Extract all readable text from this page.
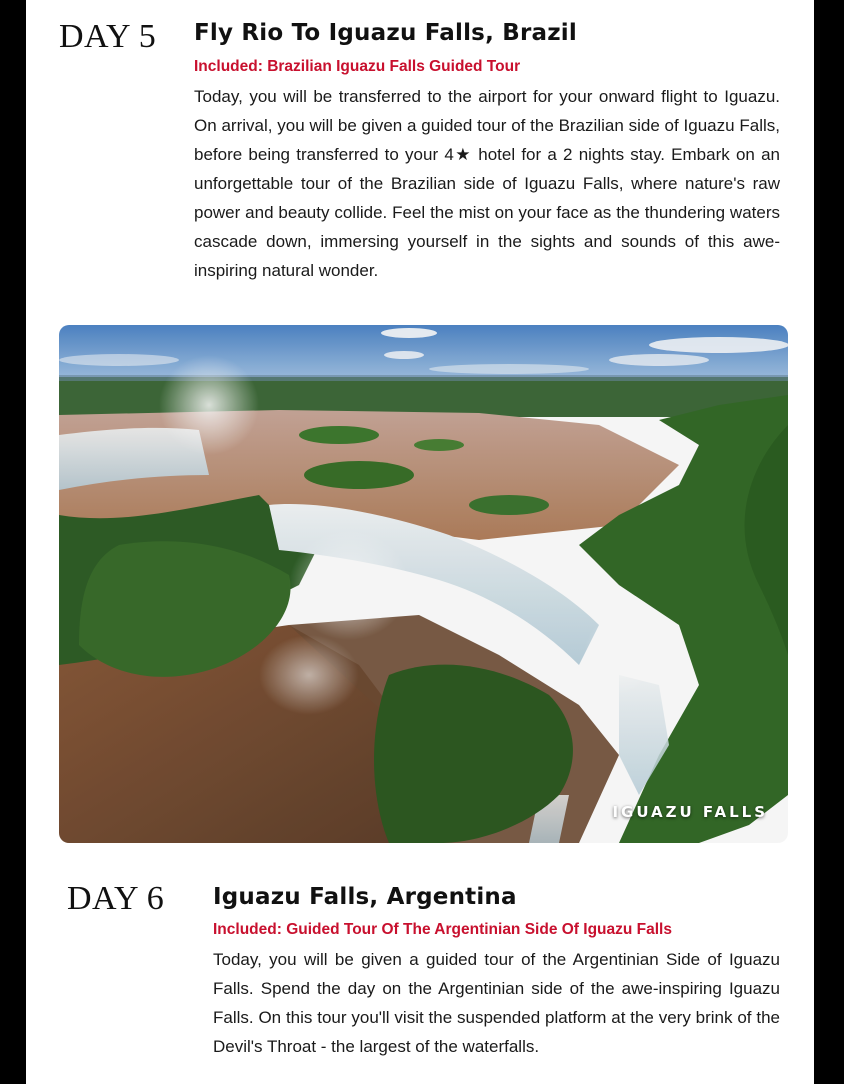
DAY 5 Fly Rio To Iguazu Falls, Brazil
Included: Brazilian Iguazu Falls Guided Tour
Today, you will be transferred to the airport for your onward flight to Iguazu. On arrival, you will be given a guided tour of the Brazilian side of Iguazu Falls, before being transferred to your 4★ hotel for a 2 nights stay. Embark on an unforgettable tour of the Brazilian side of Iguazu Falls, where nature's raw power and beauty collide. Feel the mist on your face as the thundering waters cascade down, immersing yourself in the sights and sounds of this awe-inspiring natural wonder.
IGUAZU FALLS
DAY 6 Iguazu Falls, Argentina
Included: Guided Tour Of The Argentinian Side Of Iguazu Falls
Today, you will be given a guided tour of the Argentinian Side of Iguazu Falls. Spend the day on the Argentinian side of the awe-inspiring Iguazu Falls. On this tour you'll visit the suspended platform at the very brink of the Devil's Throat - the largest of the waterfalls.
